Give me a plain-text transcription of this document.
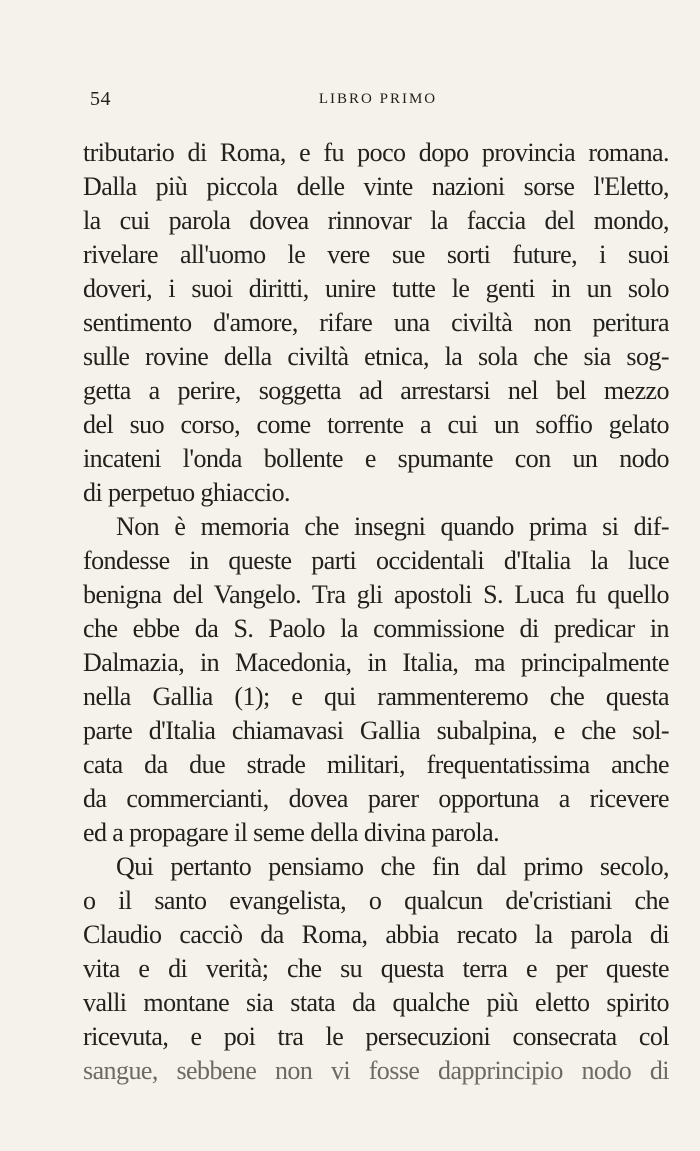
54	LIBRO PRIMO
tributario di Roma, e fu poco dopo provincia romana.
Dalla più piccola delle vinte nazioni sorse l'Eletto,
la cui parola dovea rinnovar la faccia del mondo,
rivelare all'uomo le vere sue sorti future, i suoi
doveri, i suoi diritti, unire tutte le genti in un solo
sentimento d'amore, rifare una civiltà non peritura
sulle rovine della civiltà etnica, la sola che sia sog-
getta a perire, soggetta ad arrestarsi nel bel mezzo
del suo corso, come torrente a cui un soffio gelato
incateni l'onda bollente e spumante con un nodo
di perpetuo ghiaccio.
Non è memoria che insegni quando prima si dif-
fondesse in queste parti occidentali d'Italia la luce
benigna del Vangelo. Tra gli apostoli S. Luca fu quello
che ebbe da S. Paolo la commissione di predicar in
Dalmazia, in Macedonia, in Italia, ma principalmente
nella Gallia (1); e qui rammenteremo che questa
parte d'Italia chiamavasi Gallia subalpina, e che sol-
cata da due strade militari, frequentatissima anche
da commercianti, dovea parer opportuna a ricevere
ed a propagare il seme della divina parola.
Qui pertanto pensiamo che fin dal primo secolo,
o il santo evangelista, o qualcun de'cristiani che
Claudio cacciò da Roma, abbia recato la parola di
vita e di verità; che su questa terra e per queste
valli montane sia stata da qualche più eletto spirito
ricevuta, e poi tra le persecuzioni consecrata col
sangue, sebbene non vi fosse dapprincipio nodo di
